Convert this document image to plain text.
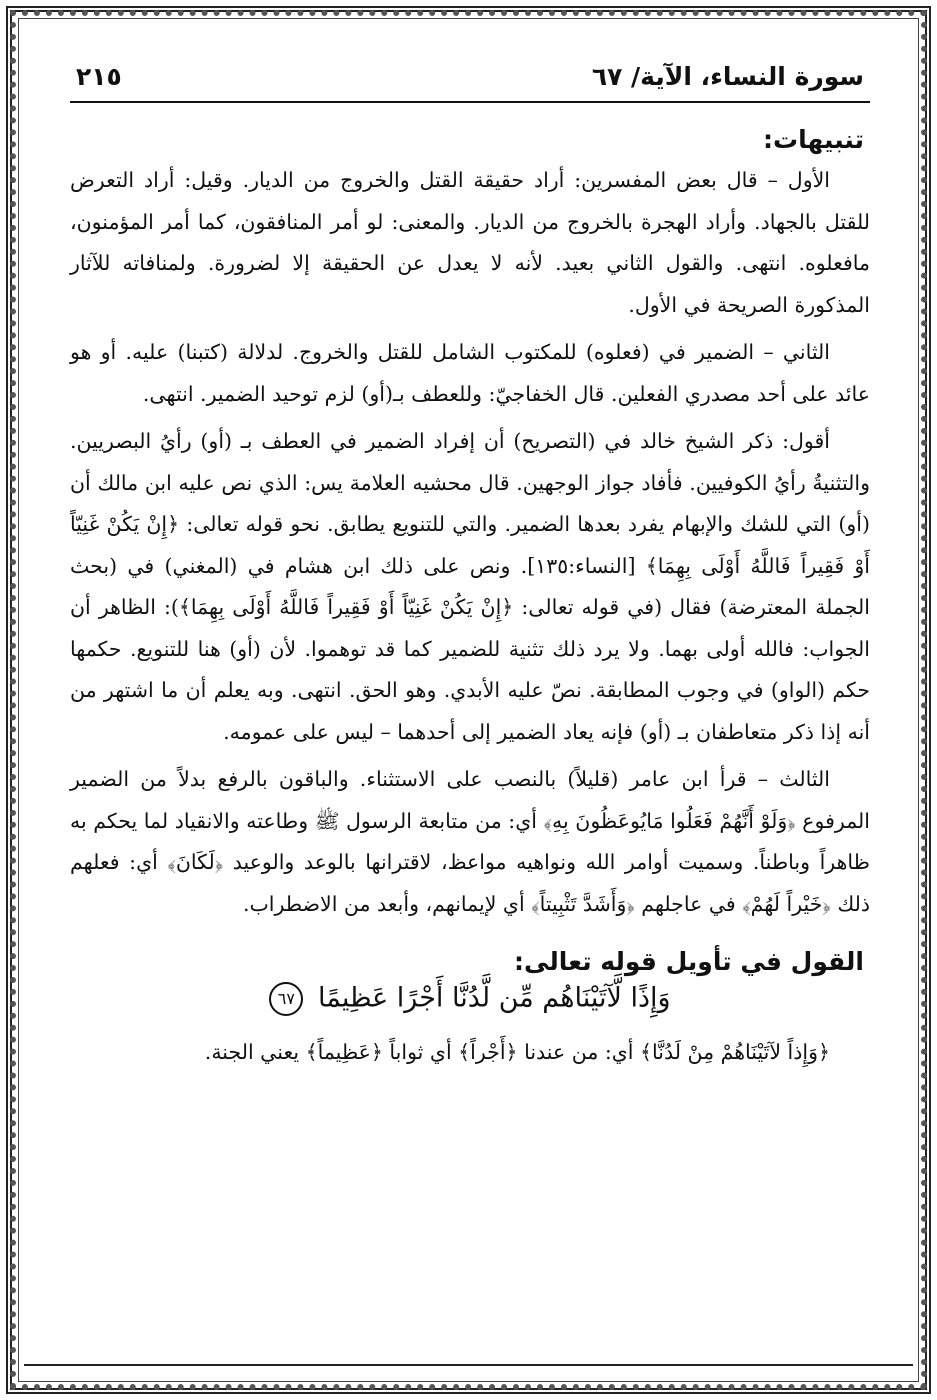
سورة النساء، الآية/ ٦٧
٢١٥
تنبيهات:

الأول – قال بعض المفسرين: أراد حقيقة القتل والخروج من الديار. وقيل: أراد التعرض للقتل بالجهاد. وأراد الهجرة بالخروج من الديار. والمعنى: لو أمر المنافقون، كما أمر المؤمنون، مافعلوه. انتهى. والقول الثاني بعيد. لأنه لا يعدل عن الحقيقة إلا لضرورة. ولمنافاته للآثار المذكورة الصريحة في الأول.

الثاني – الضمير في (فعلوه) للمكتوب الشامل للقتل والخروج. لدلالة (كتبنا) عليه. أو هو عائد على أحد مصدري الفعلين. قال الخفاجيّ: وللعطف بـ(أو) لزم توحيد الضمير. انتهى.

أقول: ذكر الشيخ خالد في (التصريح) أن إفراد الضمير في العطف بـ (أو) رأيُ البصريين. والتثنيةُ رأيُ الكوفيين. فأفاد جواز الوجهين. قال محشيه العلامة يس: الذي نص عليه ابن مالك أن (أو) التي للشك والإبهام يفرد بعدها الضمير. والتي للتنويع يطابق. نحو قوله تعالى: ﴿إِنْ يَكُنْ غَنِيّاً أَوْ فَقِيراً فَاللَّهُ أَوْلَى بِهِمَا﴾ [النساء:١٣٥]. ونص على ذلك ابن هشام في (المغني) في (بحث الجملة المعترضة) فقال (في قوله تعالى: ﴿إِنْ يَكُنْ غَنِيّاً أَوْ فَقِيراً فَاللَّهُ أَوْلَى بِهِمَا﴾): الظاهر أن الجواب: فالله أولى بهما. ولا يرد ذلك تثنية للضمير كما قد توهموا. لأن (أو) هنا للتنويع. حكمها حكم (الواو) في وجوب المطابقة. نصّ عليه الأبدي. وهو الحق. انتهى. وبه يعلم أن ما اشتهر من أنه إذا ذكر متعاطفان بـ (أو) فإنه يعاد الضمير إلى أحدهما – ليس على عمومه.

الثالث – قرأ ابن عامر (قليلاً) بالنصب على الاستثناء. والباقون بالرفع بدلاً من الضمير المرفوع ﴿وَلَوْ أَنَّهُمْ فَعَلُوا مَايُوعَظُونَ بِهِ﴾ أي: من متابعة الرسول ﷺ وطاعته والانقياد لما يحكم به ظاهراً وباطناً. وسميت أوامر الله ونواهيه مواعظ، لاقترانها بالوعد والوعيد ﴿لَكَانَ﴾ أي: فعلهم ذلك ﴿خَيْراً لَهُمْ﴾ في عاجلهم ﴿وَأَشَدَّ تَثْبِيتاً﴾ أي لإيمانهم، وأبعد من الاضطراب.

القول في تأويل قوله تعالى:
وَإِذًا لَّآتَيْنَاهُم مِّن لَّدُنَّا أَجْرًا عَظِيمًا ٦٧

﴿وَإِذاً لآتَيْنَاهُمْ مِنْ لَدُنَّا﴾ أي: من عندنا ﴿أَجْراً﴾ أي ثواباً ﴿عَظِيماً﴾ يعني الجنة.
